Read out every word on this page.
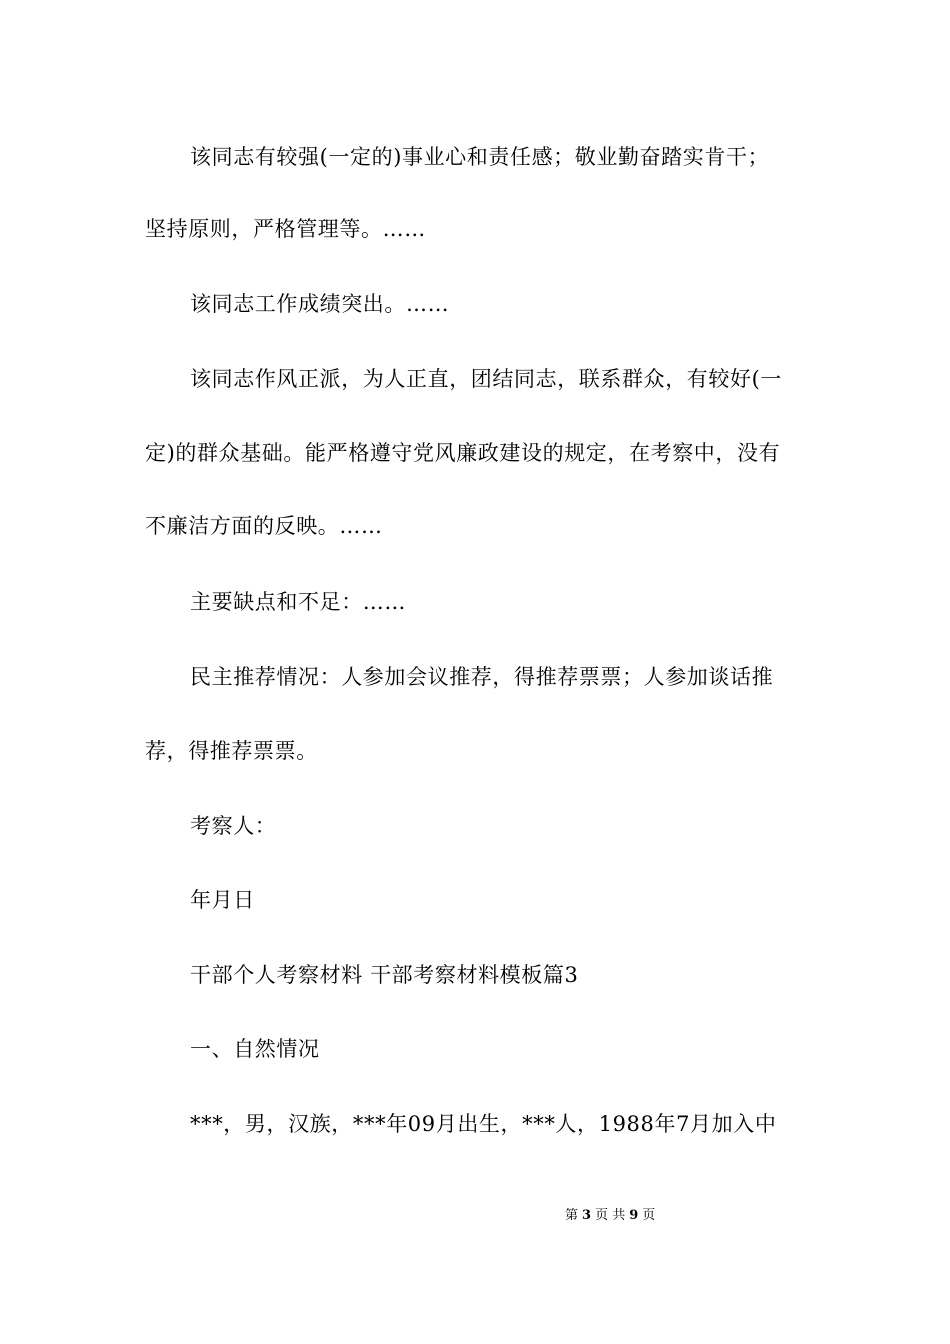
该同志有较强(一定的)事业心和责任感；敬业勤奋踏实肯干；
坚持原则，严格管理等。……
该同志工作成绩突出。……
该同志作风正派，为人正直，团结同志，联系群众，有较好(一
定)的群众基础。能严格遵守党风廉政建设的规定，在考察中，没有
不廉洁方面的反映。……
主要缺点和不足：……
民主推荐情况：人参加会议推荐，得推荐票票；人参加谈话推
荐，得推荐票票。
考察人：
年月日
干部个人考察材料 干部考察材料模板篇3
一、自然情况
***，男，汉族，***年09月出生，***人，1988年7月加入中
第 3 页 共 9 页
